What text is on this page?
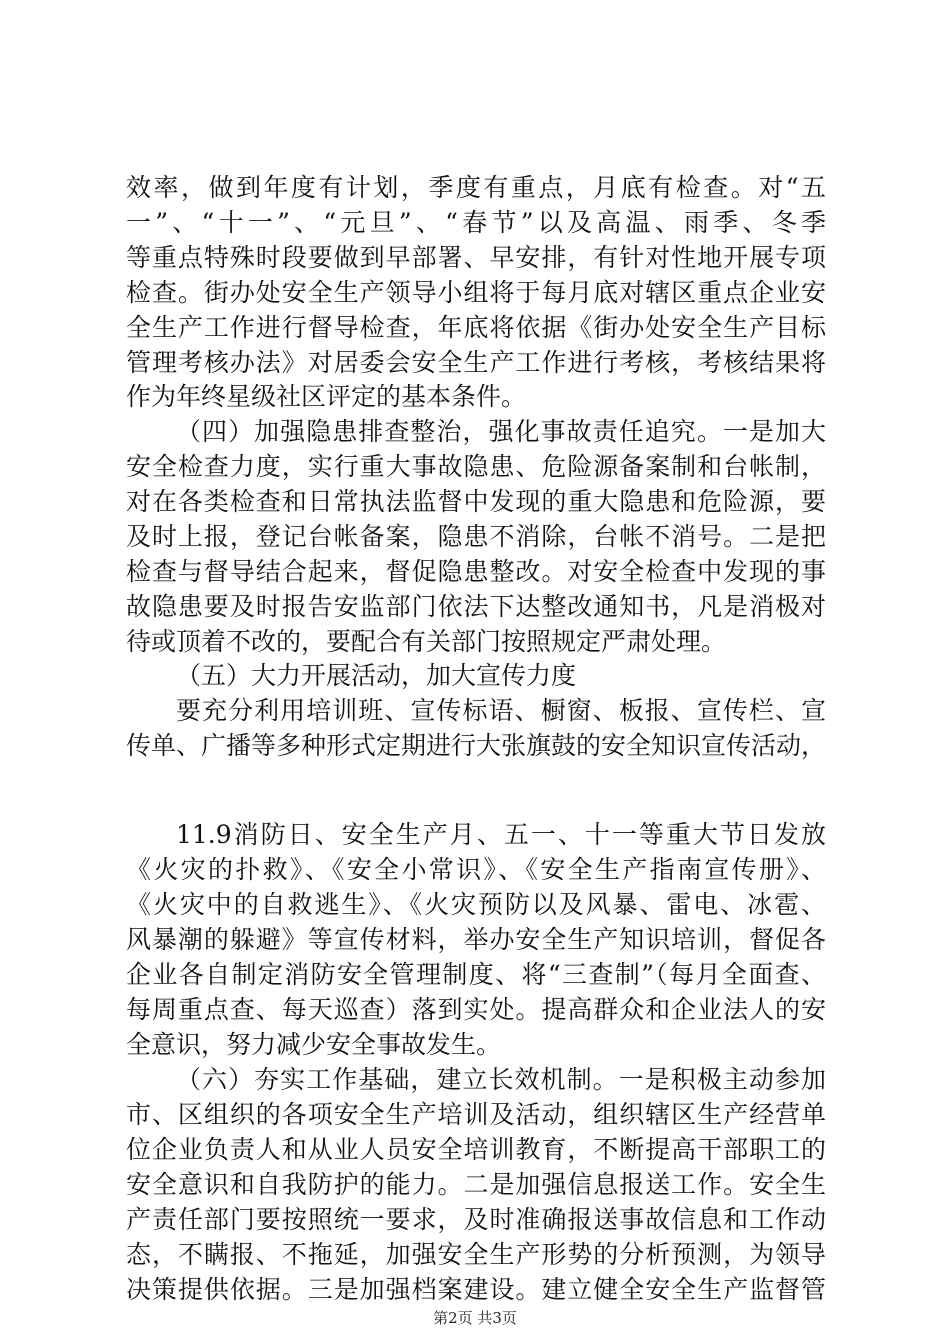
效率，做到年度有计划，季度有重点，月底有检查。对“五
一”、“十一”、“元旦”、“春节”以及高温、雨季、冬季
等重点特殊时段要做到早部署、早安排，有针对性地开展专项
检查。街办处安全生产领导小组将于每月底对辖区重点企业安
全生产工作进行督导检查，年底将依据《街办处安全生产目标
管理考核办法》对居委会安全生产工作进行考核，考核结果将
作为年终星级社区评定的基本条件。
（四）加强隐患排查整治，强化事故责任追究。一是加大
安全检查力度，实行重大事故隐患、危险源备案制和台帐制，
对在各类检查和日常执法监督中发现的重大隐患和危险源，要
及时上报，登记台帐备案，隐患不消除，台帐不消号。二是把
检查与督导结合起来，督促隐患整改。对安全检查中发现的事
故隐患要及时报告安监部门依法下达整改通知书，凡是消极对
待或顶着不改的，要配合有关部门按照规定严肃处理。
（五）大力开展活动，加大宣传力度
要充分利用培训班、宣传标语、橱窗、板报、宣传栏、宣
传单、广播等多种形式定期进行大张旗鼓的安全知识宣传活动，
11.9消防日、安全生产月、五一、十一等重大节日发放
《火灾的扑救》、《安全小常识》、《安全生产指南宣传册》、
《火灾中的自救逃生》、《火灾预防以及风暴、雷电、冰雹、
风暴潮的躲避》等宣传材料，举办安全生产知识培训，督促各
企业各自制定消防安全管理制度、将“三查制”（每月全面查、
每周重点查、每天巡查）落到实处。提高群众和企业法人的安
全意识，努力减少安全事故发生。
（六）夯实工作基础，建立长效机制。一是积极主动参加
市、区组织的各项安全生产培训及活动，组织辖区生产经营单
位企业负责人和从业人员安全培训教育，不断提高干部职工的
安全意识和自我防护的能力。二是加强信息报送工作。安全生
产责任部门要按照统一要求，及时准确报送事故信息和工作动
态，不瞒报、不拖延，加强安全生产形势的分析预测，为领导
第2页 共3页
决策提供依据。三是加强档案建设。建立健全安全生产监督管
